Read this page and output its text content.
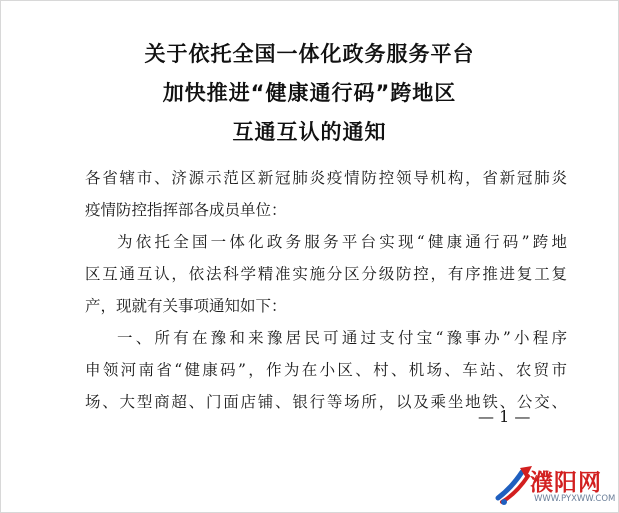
关于依托全国一体化政务服务平台
加快推进“健康通行码”跨地区
互通互认的通知
各省辖市、济源示范区新冠肺炎疫情防控领导机构，省新冠肺炎
疫情防控指挥部各成员单位：
为依托全国一体化政务服务平台实现“健康通行码”跨地
区互通互认，依法科学精准实施分区分级防控，有序推进复工复
产，现就有关事项通知如下：
一、所有在豫和来豫居民可通过支付宝“豫事办”小程序
申领河南省“健康码”，作为在小区、村、机场、车站、农贸市
场、大型商超、门面店铺、银行等场所，以及乘坐地铁、公交、
— 1 —
濮阳网
WWW.PYXWW.COM
